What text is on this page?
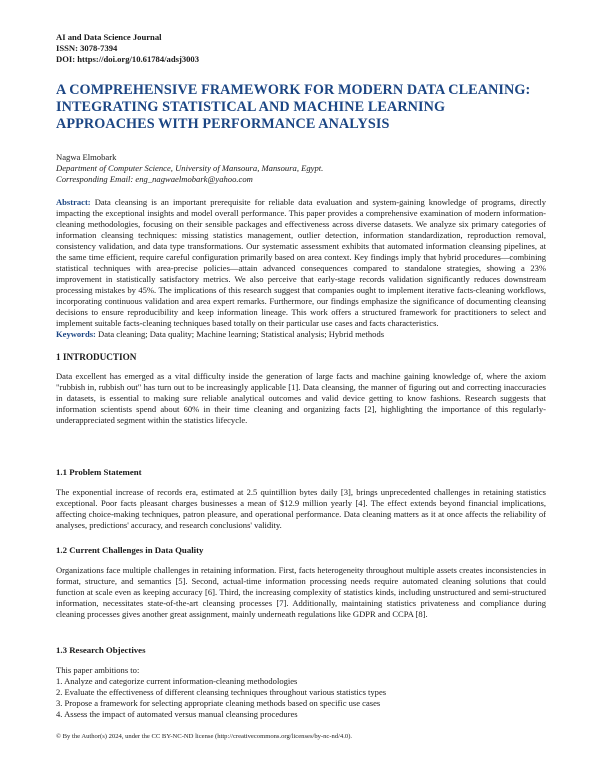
AI and Data Science Journal
ISSN: 3078-7394
DOI: https://doi.org/10.61784/adsj3003
A COMPREHENSIVE FRAMEWORK FOR MODERN DATA CLEANING: INTEGRATING STATISTICAL AND MACHINE LEARNING APPROACHES WITH PERFORMANCE ANALYSIS
Nagwa Elmobark
Department of Computer Science, University of Mansoura, Mansoura, Egypt.
Corresponding Email: eng_nagwaelmobark@yahoo.com

Abstract: Data cleansing is an important prerequisite for reliable data evaluation and system-gaining knowledge of programs, directly impacting the exceptional insights and model overall performance. This paper provides a comprehensive examination of modern information-cleaning methodologies, focusing on their sensible packages and effectiveness across diverse datasets. We analyze six primary categories of information cleansing techniques: missing statistics management, outlier detection, information standardization, reproduction removal, consistency validation, and data type transformations. Our systematic assessment exhibits that automated information cleansing pipelines, at the same time efficient, require careful configuration primarily based on area context. Key findings imply that hybrid procedures—combining statistical techniques with area-precise policies—attain advanced consequences compared to standalone strategies, showing a 23% improvement in statistically satisfactory metrics. We also perceive that early-stage records validation significantly reduces downstream processing mistakes by 45%. The implications of this research suggest that companies ought to implement iterative facts-cleaning workflows, incorporating continuous validation and area expert remarks. Furthermore, our findings emphasize the significance of documenting cleansing decisions to ensure reproducibility and keep information lineage. This work offers a structured framework for practitioners to select and implement suitable facts-cleaning techniques based totally on their particular use cases and facts characteristics.

Keywords: Data cleaning; Data quality; Machine learning; Statistical analysis; Hybrid methods

1 INTRODUCTION

Data excellent has emerged as a vital difficulty inside the generation of large facts and machine gaining knowledge of, where the axiom "rubbish in, rubbish out" has turn out to be increasingly applicable [1]. Data cleansing, the manner of figuring out and correcting inaccuracies in datasets, is essential to making sure reliable analytical outcomes and valid device getting to know fashions. Research suggests that information scientists spend about 60% in their time cleaning and organizing facts [2], highlighting the importance of this regularly-underappreciated segment within the statistics lifecycle.

1.1 Problem Statement

The exponential increase of records era, estimated at 2.5 quintillion bytes daily [3], brings unprecedented challenges in retaining statistics exceptional. Poor facts pleasant charges businesses a mean of $12.9 million yearly [4]. The effect extends beyond financial implications, affecting choice-making techniques, patron pleasure, and operational performance. Data cleaning matters as it at once affects the reliability of analyses, predictions' accuracy, and research conclusions' validity.

1.2 Current Challenges in Data Quality

Organizations face multiple challenges in retaining information. First, facts heterogeneity throughout multiple assets creates inconsistencies in format, structure, and semantics [5]. Second, actual-time information processing needs require automated cleaning solutions that could function at scale even as keeping accuracy [6]. Third, the increasing complexity of statistics kinds, including unstructured and semi-structured information, necessitates state-of-the-art cleansing processes [7]. Additionally, maintaining statistics privateness and compliance during cleaning processes gives another great assignment, mainly underneath regulations like GDPR and CCPA [8].

1.3 Research Objectives

This paper ambitions to:

1. Analyze and categorize current information-cleaning methodologies
2. Evaluate the effectiveness of different cleansing techniques throughout various statistics types
3. Propose a framework for selecting appropriate cleaning methods based on specific use cases
4. Assess the impact of automated versus manual cleansing procedures
© By the Author(s) 2024, under the CC BY-NC-ND license (http://creativecommons.org/licenses/by-nc-nd/4.0).
